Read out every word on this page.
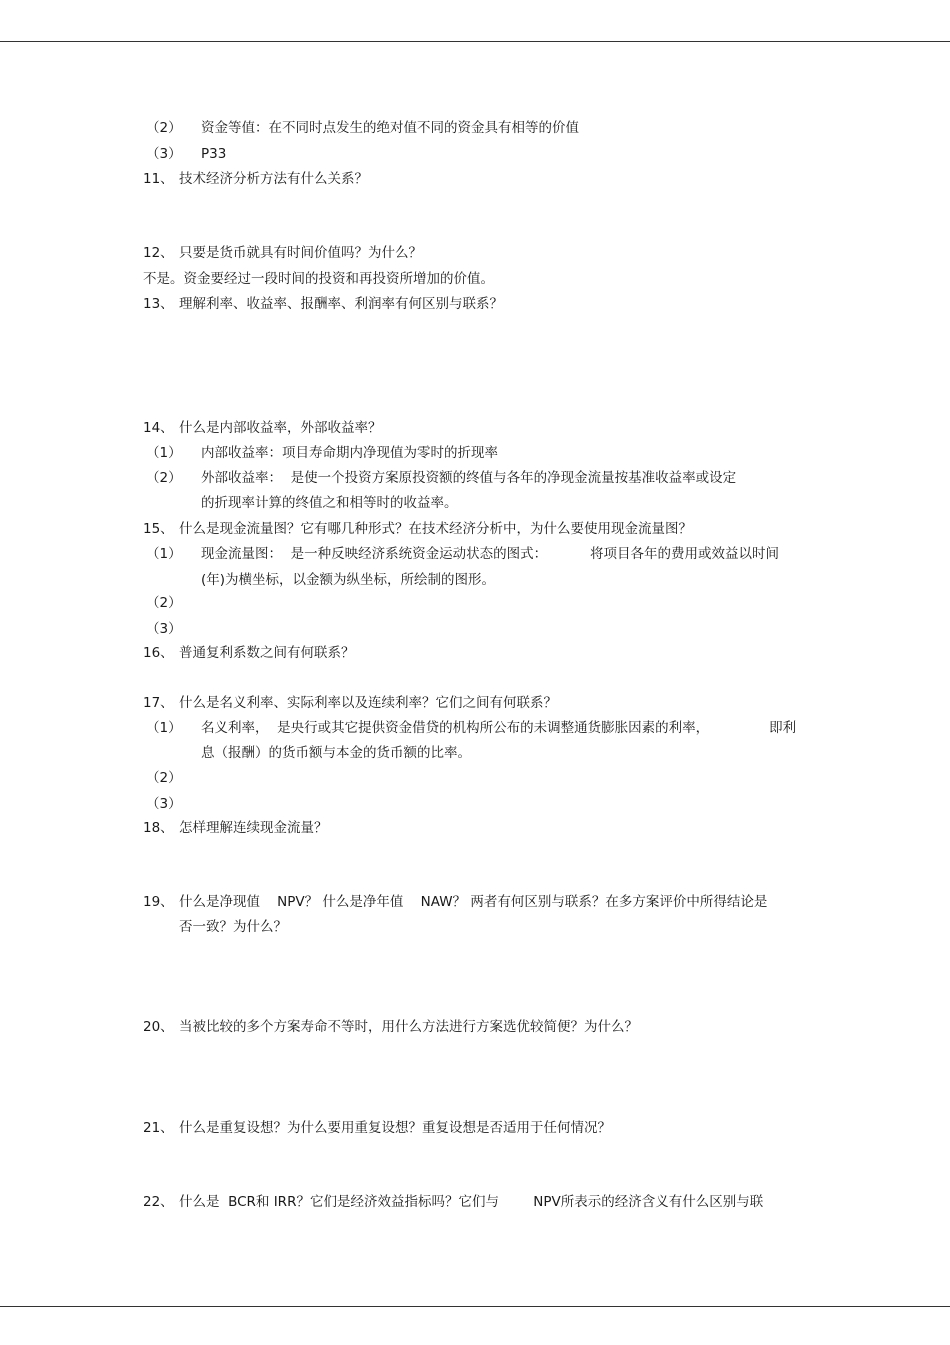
（2） 资金等值：在不同时点发生的绝对值不同的资金具有相等的价值
（3） P33
11、 技术经济分析方法有什么关系？
12、 只要是货币就具有时间价值吗？为什么？
不是。资金要经过一段时间的投资和再投资所增加的价值。
13、 理解利率、收益率、报酬率、利润率有何区别与联系？
14、 什么是内部收益率，外部收益率？
（1） 内部收益率：项目寿命期内净现值为零时的折现率
（2） 外部收益率：  是使一个投资方案原投资额的终值与各年的净现金流量按基准收益率或设定
的折现率计算的终值之和相等时的收益率。
15、 什么是现金流量图？它有哪几种形式？在技术经济分析中，为什么要使用现金流量图？
（1） 现金流量图：  是一种反映经济系统资金运动状态的图式：          将项目各年的费用或效益以时间
(年)为横坐标，以金额为纵坐标，所绘制的图形。
（2）
（3）
16、 普通复利系数之间有何联系？
17、 什么是名义利率、实际利率以及连续利率？它们之间有何联系？
（1） 名义利率，  是央行或其它提供资金借贷的机构所公布的未调整通货膨胀因素的利率，              即利
息（报酬）的货币额与本金的货币额的比率。
（2）
（3）
18、 怎样理解连续现金流量？
19、 什么是净现值    NPV？ 什么是净年值    NAW？ 两者有何区别与联系？在多方案评价中所得结论是
否一致？为什么？
20、 当被比较的多个方案寿命不等时，用什么方法进行方案选优较简便？为什么？
21、 什么是重复设想？为什么要用重复设想？重复设想是否适用于任何情况？
22、 什么是  BCR和 IRR？它们是经济效益指标吗？它们与        NPV所表示的经济含义有什么区别与联
